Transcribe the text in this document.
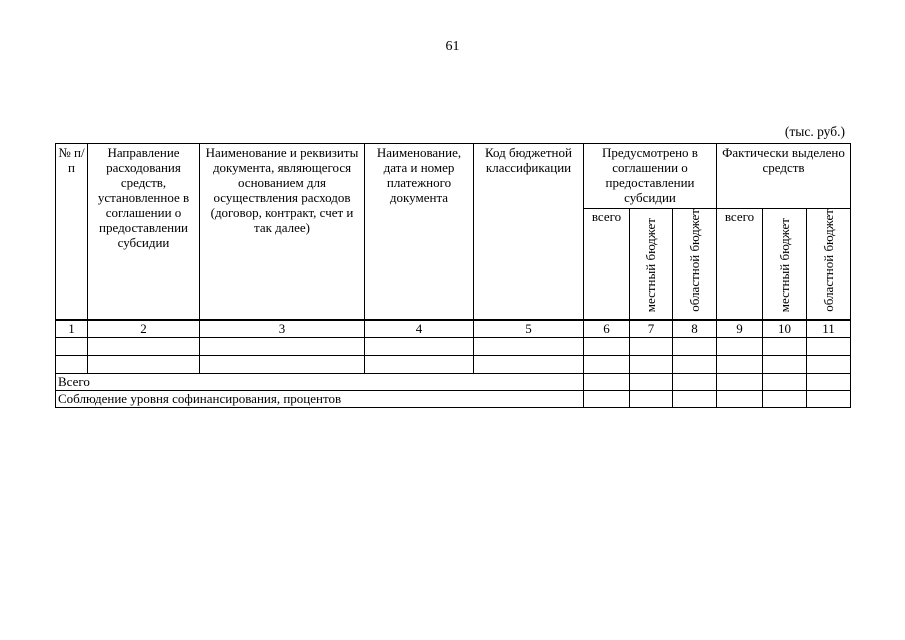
61
(тыс. руб.)
№ п/п	Направление расходования средств, установленное в соглашении о предоставлении субсидии	Наименование и реквизиты документа, являющегося основанием для осуществления расходов (договор, контракт, счет и так далее)	Наименование, дата и номер платежного документа	Код бюджетной классификации	Предусмотрено в соглашении о предоставлении субсидии			Фактически выделено средств		
					всего	местный бюджет	областной бюджет	всего	местный бюджет	областной бюджет
1	2	3	4	5	6	7	8	9	10	11

Всего										
Соблюдение уровня софинансирования, процентов										
